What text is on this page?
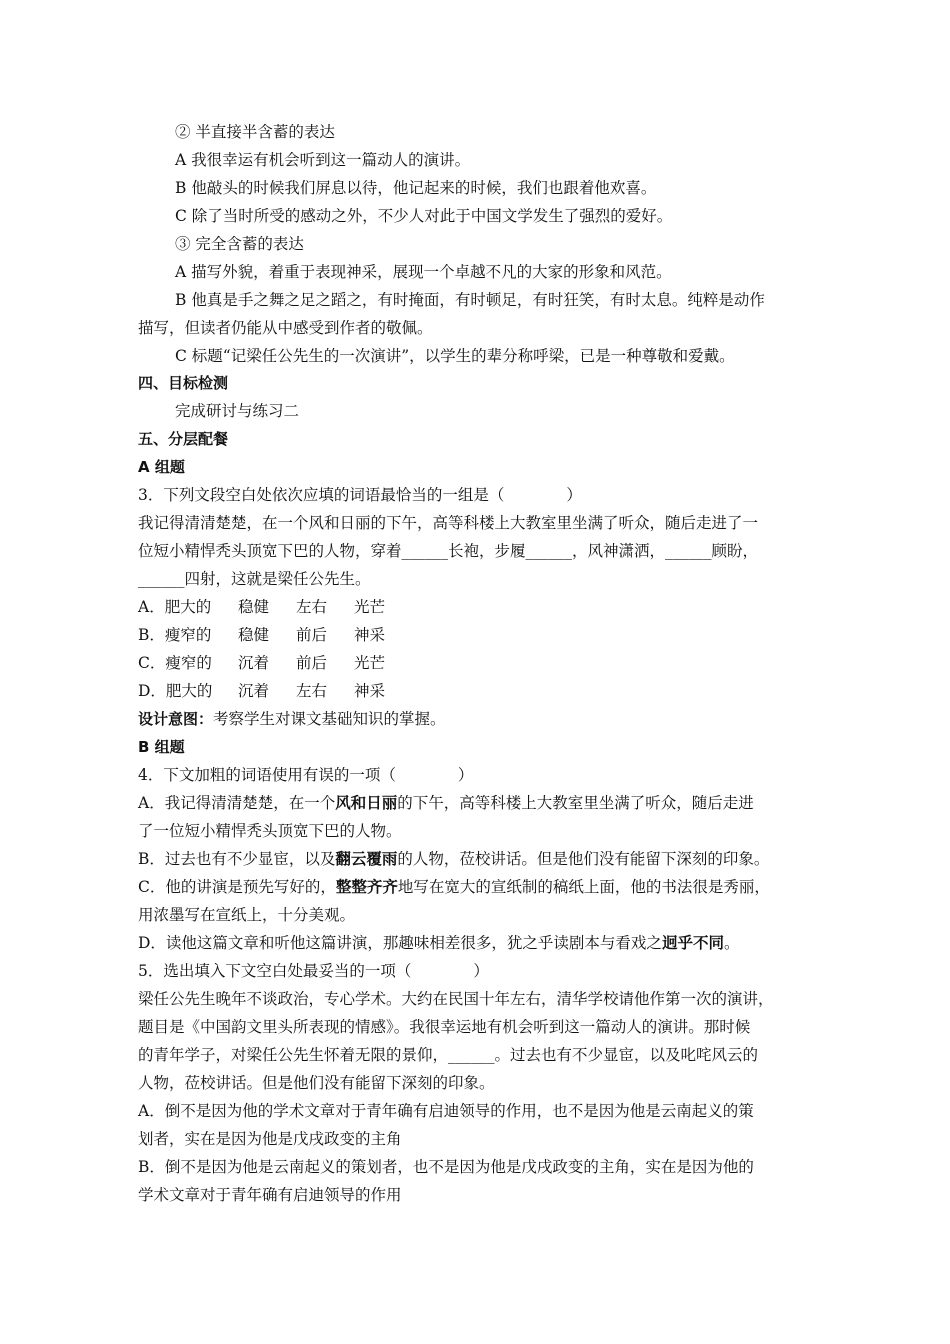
② 半直接半含蓄的表达
A 我很幸运有机会听到这一篇动人的演讲。
B 他敲头的时候我们屏息以待，他记起来的时候，我们也跟着他欢喜。
C 除了当时所受的感动之外，不少人对此于中国文学发生了强烈的爱好。
③ 完全含蓄的表达
A 描写外貌，着重于表现神采，展现一个卓越不凡的大家的形象和风范。
B 他真是手之舞之足之蹈之，有时掩面，有时顿足，有时狂笑，有时太息。纯粹是动作
描写，但读者仍能从中感受到作者的敬佩。
C 标题“记梁任公先生的一次演讲”，以学生的辈分称呼梁，已是一种尊敬和爱戴。
四、目标检测
完成研讨与练习二
五、分层配餐
A 组题
3．下列文段空白处依次应填的词语最恰当的一组是（　　　　）
我记得清清楚楚，在一个风和日丽的下午，高等科楼上大教室里坐满了听众，随后走进了一
位短小精悍秃头顶宽下巴的人物，穿着______长袍，步履______，风神潇洒，______顾盼，
______四射，这就是梁任公先生。
A．肥大的 稳健 左右 光芒
B．瘦窄的 稳健 前后 神采
C．瘦窄的 沉着 前后 光芒
D．肥大的 沉着 左右 神采
设计意图：考察学生对课文基础知识的掌握。
B 组题
4．下文加粗的词语使用有误的一项（　　　　）
A．我记得清清楚楚，在一个风和日丽的下午，高等科楼上大教室里坐满了听众，随后走进
了一位短小精悍秃头顶宽下巴的人物。
B．过去也有不少显宦，以及翻云覆雨的人物，莅校讲话。但是他们没有能留下深刻的印象。
C．他的讲演是预先写好的，整整齐齐地写在宽大的宣纸制的稿纸上面，他的书法很是秀丽，
用浓墨写在宣纸上，十分美观。
D．读他这篇文章和听他这篇讲演，那趣味相差很多，犹之乎读剧本与看戏之迥乎不同。
5．选出填入下文空白处最妥当的一项（　　　　）
梁任公先生晚年不谈政治，专心学术。大约在民国十年左右，清华学校请他作第一次的演讲，
题目是《中国韵文里头所表现的情感》。我很幸运地有机会听到这一篇动人的演讲。那时候
的青年学子，对梁任公先生怀着无限的景仰，______。过去也有不少显宦，以及叱咤风云的
人物，莅校讲话。但是他们没有能留下深刻的印象。
A．倒不是因为他的学术文章对于青年确有启迪领导的作用，也不是因为他是云南起义的策
划者，实在是因为他是戊戌政变的主角
B．倒不是因为他是云南起义的策划者，也不是因为他是戊戌政变的主角，实在是因为他的
学术文章对于青年确有启迪领导的作用
